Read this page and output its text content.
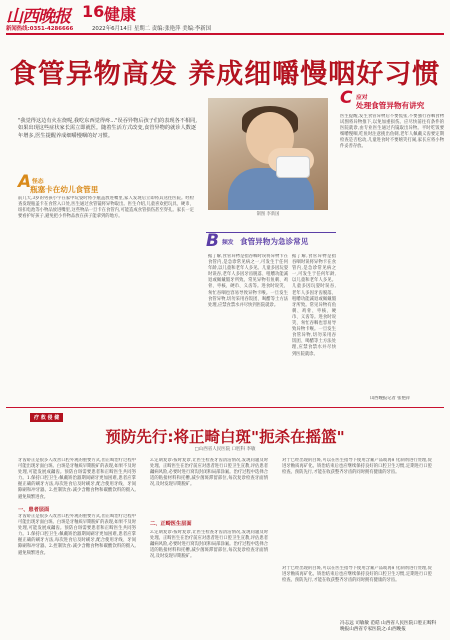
山西晚报 16 健康
新闻热线:0351-4286666	2022年6月14日 星期二 责编:张艳萍 美编:李新国
食管异物高发 养成细嚼慢咽好习惯

"我觉得这边有火在烧呢,我吃东西觉得疼..."误吞异物后孩子们的表现各不相同,如果出现这些症状家长需立即就医。随着生活方式改变,食管异物的就诊人数逐年增多,医生提醒养成细嚼慢咽的好习惯。

A 怪态
瓶塞卡在幼儿食管里

前几天,3岁的男孩小宇在家中玩耍时将小瓶盖放进嘴里,家人发现后立即将其送往医院。经检查发现瓶盖卡在食管入口处,医生通过食管镜将异物取出。医生介绍,儿童喜欢把玩具、硬币、纽扣电池等小物品放进嘴里,这些物品一旦卡在食管内,可能造成食管损伤甚至穿孔。家长一定要看护好孩子,避免把小件物品放在孩子能拿到的地方。	制图 李新国
B 频发 食管异物为急诊常见

据了解,食管异物是指吞咽时误将异物卡在食管内,是急诊常见病之一,可发生于任何年龄,以儿童和老年人多见。儿童多因玩耍时误吞,老年人多因牙齿脱落、咀嚼功能减退或佩戴假牙所致。常见异物有鱼刺、鸡骨、枣核、硬币、义齿等。进食时说笑、匆忙吞咽也容易导致异物卡喉。一旦发生食管异物,切勿采用吞饭团、喝醋等土方法处理,应禁食禁水并尽快到医院就诊。

据了解,食管异物是指吞咽时误将异物卡在食管内,是急诊常见病之一,可发生于任何年龄,以儿童和老年人多见。儿童多因玩耍时误吞,老年人多因牙齿脱落、咀嚼功能减退或佩戴假牙所致。常见异物有鱼刺、鸡骨、枣核、硬币、义齿等。进食时说笑、匆忙吞咽也容易导致异物卡喉。一旦发生食管异物,切勿采用吞饭团、喝醋等土方法处理,应禁食禁水并尽快到医院就诊。

C 应对
处理食管异物有讲究

医生提醒,发生食管异物后不要慌张,不要强行吞咽食物试图将异物推下,以免加重损伤。应尽快前往有条件的医院就诊,由专业医生通过内镜取出异物。平时吃饭要细嚼慢咽,吃鱼时注意挑出鱼刺,老年人佩戴义齿要定期检查是否松动,儿童进食时不要嬉笑打闹,家长应将小物件妥善存放。

山西晚报记者 张艳萍
疗 救 侵 健
预防先行:将正畸白斑"扼杀在摇篮"
□山西省人民医院 口腔科 李敏
一、患者层面

牙齿矫正是很多人改善口腔外观的重要方式,但正畸治疗过程中可能出现牙面白斑。白斑是牙釉质早期脱矿的表现,如果不及时处理,可能发展成龋齿。预防白斑需要患者和正畸医生共同努力。1.保持口腔卫生:佩戴矫治器期间刷牙更加困难,患者应掌握正确的刷牙方法,每次进食后及时刷牙,配合使用牙线、牙间隙刷和冲牙器。2.控制饮食:减少含糖食物和碳酸饮料的摄入,避免频繁进食。

牙齿矫正是很多人改善口腔外观的重要方式,但正畸治疗过程中可能出现牙面白斑。白斑是牙釉质早期脱矿的表现,如果不及时处理,可能发展成龋齿。预防白斑需要患者和正畸医生共同努力。1.保持口腔卫生:佩戴矫治器期间刷牙更加困难,患者应掌握正确的刷牙方法,每次进食后及时刷牙,配合使用牙线、牙间隙刷和冲牙器。2.控制饮食:减少含糖食物和碳酸饮料的摄入,避免频繁进食。

二、正畸医生层面

3.定期复诊:按时复诊,让医生检查牙齿清洁情况,发现问题及时处理。正畸医生在治疗前应对患者进行口腔卫生宣教,评估患者龋病风险,必要时进行窝沟封闭和局部涂氟。治疗过程中选择合适的粘接材料和托槽,减少菌斑滞留部位,每次复诊检查牙面情况,及时发现早期脱矿。

3.定期复诊:按时复诊,让医生检查牙齿清洁情况,发现问题及时处理。正畸医生在治疗前应对患者进行口腔卫生宣教,评估患者龋病风险,必要时进行窝沟封闭和局部涂氟。治疗过程中选择合适的粘接材料和托槽,减少菌斑滞留部位,每次复诊检查牙面情况,及时发现早期脱矿。

对于已经出现的白斑,可以在医生指导下使用含氟产品或再矿化制剂进行处理,促进牙釉质再矿化。矫治结束后也应继续保持良好的口腔卫生习惯,定期进行口腔检查。预防先行,才能在收获整齐牙齿的同时拥有健康的牙齿。

对于已经出现的白斑,可以在医生指导下使用含氟产品或再矿化制剂进行处理,促进牙釉质再矿化。矫治结束后也应继续保持良好的口腔卫生习惯,定期进行口腔检查。预防先行,才能在收获整齐牙齿的同时拥有健康的牙齿。

冯志远 司敏敏 范皓 山西省人民医院口腔正畸科
晚报山西省专家医院之:山西晚报
